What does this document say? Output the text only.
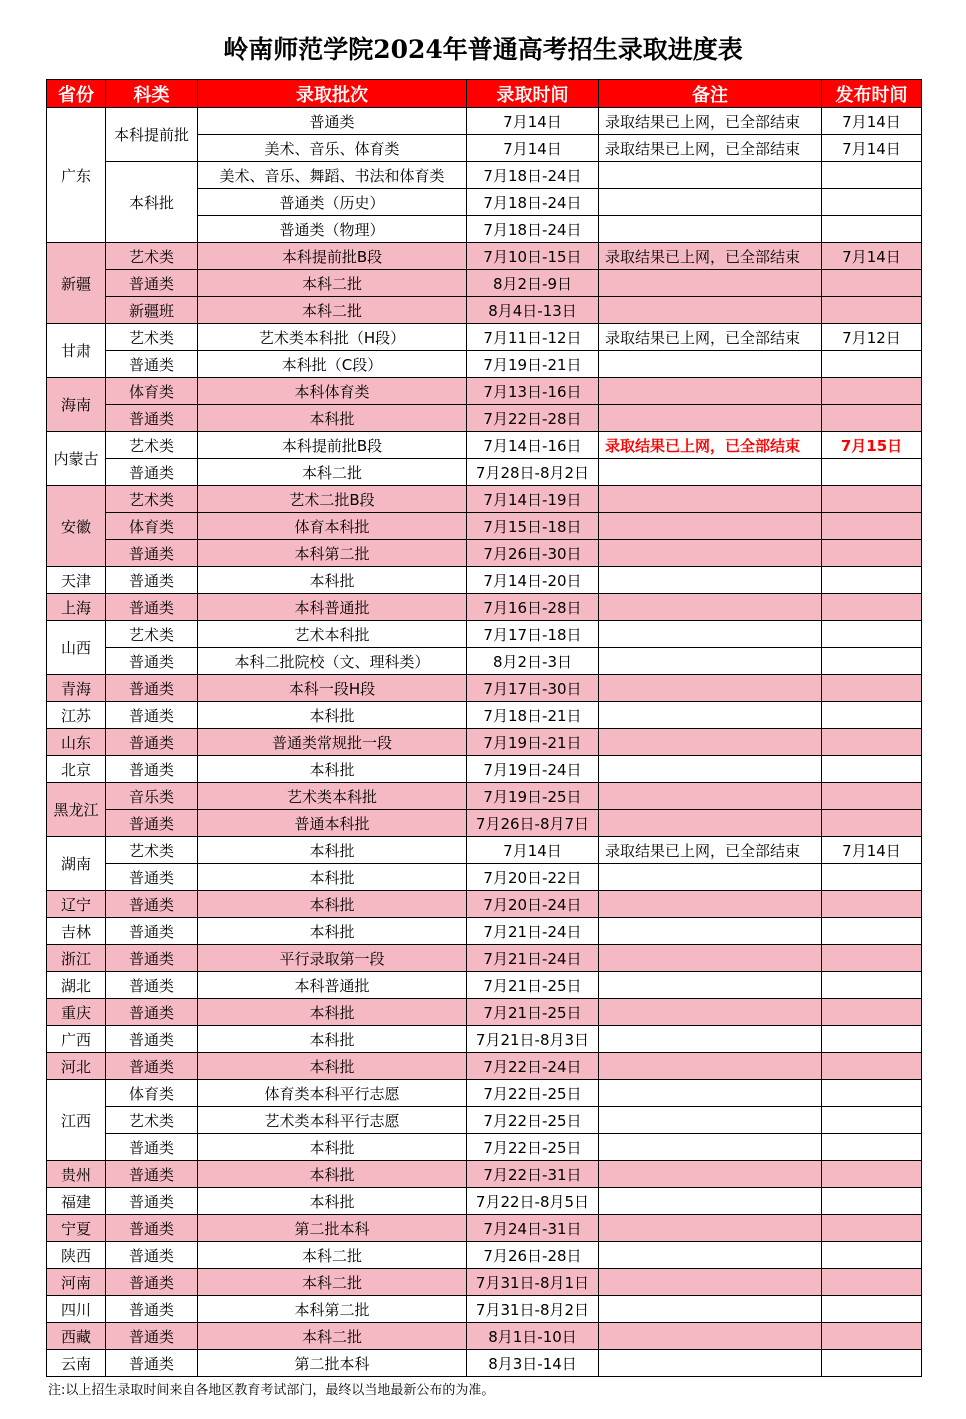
岭南师范学院2024年普通高考招生录取进度表
省份	科类	录取批次	录取时间	备注	发布时间
广东	本科提前批	普通类	7月14日	录取结果已上网，已全部结束	7月14日
		美术、音乐、体育类	7月14日	录取结果已上网，已全部结束	7月14日
	本科批	美术、音乐、舞蹈、书法和体育类	7月18日-24日		
		普通类（历史）	7月18日-24日		
		普通类（物理）	7月18日-24日		
新疆	艺术类	本科提前批B段	7月10日-15日	录取结果已上网，已全部结束	7月14日
	普通类	本科二批	8月2日-9日		
	新疆班	本科二批	8月4日-13日		
甘肃	艺术类	艺术类本科批（H段）	7月11日-12日	录取结果已上网，已全部结束	7月12日
	普通类	本科批（C段）	7月19日-21日		
海南	体育类	本科体育类	7月13日-16日		
	普通类	本科批	7月22日-28日		
内蒙古	艺术类	本科提前批B段	7月14日-16日	录取结果已上网，已全部结束	7月15日
	普通类	本科二批	7月28日-8月2日		
安徽	艺术类	艺术二批B段	7月14日-19日		
	体育类	体育本科批	7月15日-18日		
	普通类	本科第二批	7月26日-30日		
天津	普通类	本科批	7月14日-20日		
上海	普通类	本科普通批	7月16日-28日		
山西	艺术类	艺术本科批	7月17日-18日		
	普通类	本科二批院校（文、理科类）	8月2日-3日		
青海	普通类	本科一段H段	7月17日-30日		
江苏	普通类	本科批	7月18日-21日		
山东	普通类	普通类常规批一段	7月19日-21日		
北京	普通类	本科批	7月19日-24日		
黑龙江	音乐类	艺术类本科批	7月19日-25日		
	普通类	普通本科批	7月26日-8月7日		
湖南	艺术类	本科批	7月14日	录取结果已上网，已全部结束	7月14日
	普通类	本科批	7月20日-22日		
辽宁	普通类	本科批	7月20日-24日		
吉林	普通类	本科批	7月21日-24日		
浙江	普通类	平行录取第一段	7月21日-24日		
湖北	普通类	本科普通批	7月21日-25日		
重庆	普通类	本科批	7月21日-25日		
广西	普通类	本科批	7月21日-8月3日		
河北	普通类	本科批	7月22日-24日		
江西	体育类	体育类本科平行志愿	7月22日-25日		
	艺术类	艺术类本科平行志愿	7月22日-25日		
	普通类	本科批	7月22日-25日		
贵州	普通类	本科批	7月22日-31日		
福建	普通类	本科批	7月22日-8月5日		
宁夏	普通类	第二批本科	7月24日-31日		
陕西	普通类	本科二批	7月26日-28日		
河南	普通类	本科二批	7月31日-8月1日		
四川	普通类	本科第二批	7月31日-8月2日		
西藏	普通类	本科二批	8月1日-10日		
云南	普通类	第二批本科	8月3日-14日		
注:以上招生录取时间来自各地区教育考试部门，最终以当地最新公布的为准。
